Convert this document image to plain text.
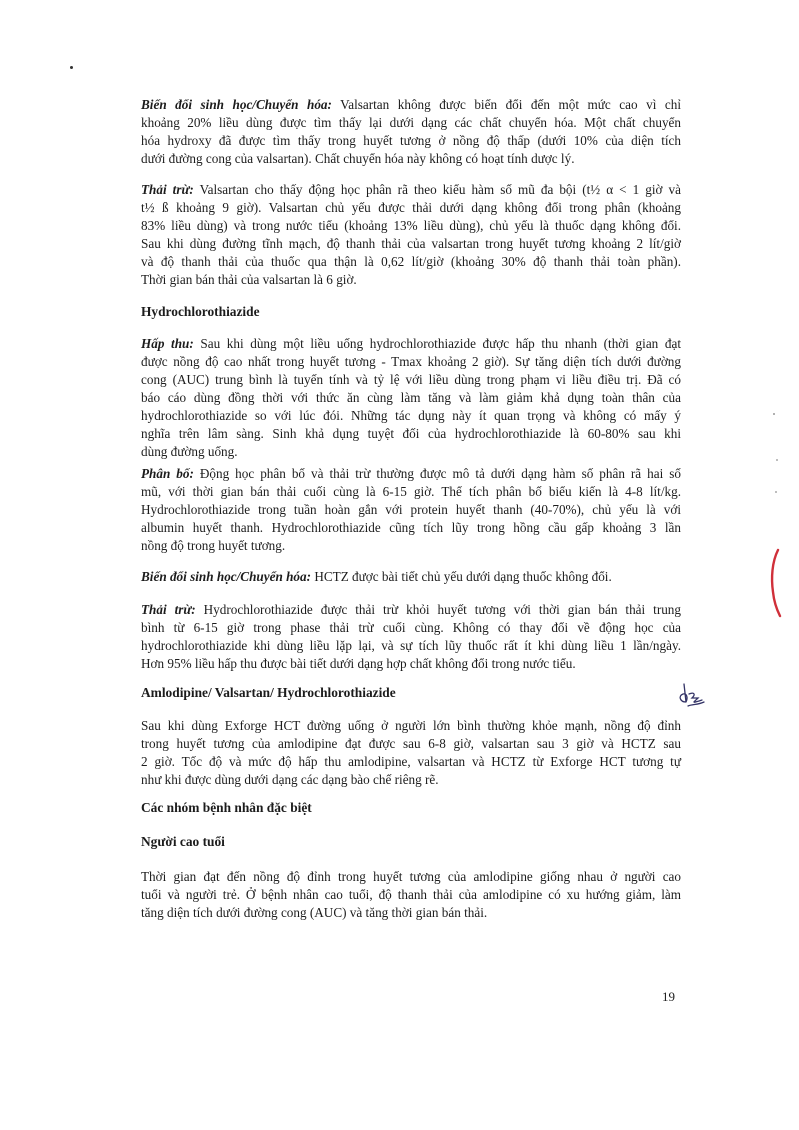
Biến đổi sinh học/Chuyển hóa: Valsartan không được biến đổi đến một mức cao vì chỉ
khoảng 20% liều dùng được tìm thấy lại dưới dạng các chất chuyển hóa. Một chất chuyển
hóa hydroxy đã được tìm thấy trong huyết tương ở nồng độ thấp (dưới 10% của diện tích
dưới đường cong của valsartan). Chất chuyển hóa này không có hoạt tính dược lý.
Thải trừ: Valsartan cho thấy động học phân rã theo kiểu hàm số mũ đa bội (t½ α < 1 giờ và
t½ ß khoảng 9 giờ). Valsartan chủ yếu được thải dưới dạng không đổi trong phân (khoảng
83% liều dùng) và trong nước tiểu (khoảng 13% liều dùng), chủ yếu là thuốc dạng không đổi.
Sau khi dùng đường tĩnh mạch, độ thanh thải của valsartan trong huyết tương khoảng 2 lít/giờ
và độ thanh thải của thuốc qua thận là 0,62 lít/giờ (khoảng 30% độ thanh thải toàn phần).
Thời gian bán thải của valsartan là 6 giờ.
Hydrochlorothiazide
Hấp thu: Sau khi dùng một liều uống hydrochlorothiazide được hấp thu nhanh (thời gian đạt
được nồng độ cao nhất trong huyết tương - Tmax khoảng 2 giờ). Sự tăng diện tích dưới đường
cong (AUC) trung bình là tuyến tính và tỷ lệ với liều dùng trong phạm vi liều điều trị. Đã có
báo cáo dùng đồng thời với thức ăn cùng làm tăng và làm giảm khả dụng toàn thân của
hydrochlorothiazide so với lúc đói. Những tác dụng này ít quan trọng và không có mấy ý
nghĩa trên lâm sàng. Sinh khả dụng tuyệt đối của hydrochlorothiazide là 60-80% sau khi
dùng đường uống.
Phân bố: Động học phân bố và thải trừ thường được mô tả dưới dạng hàm số phân rã hai số
mũ, với thời gian bán thải cuối cùng là 6-15 giờ. Thể tích phân bố biểu kiến là 4-8 lít/kg.
Hydrochlorothiazide trong tuần hoàn gắn với protein huyết thanh (40-70%), chủ yếu là với
albumin huyết thanh. Hydrochlorothiazide cũng tích lũy trong hồng cầu gấp khoảng 3 lần
nồng độ trong huyết tương.
Biến đổi sinh học/Chuyển hóa: HCTZ được bài tiết chủ yếu dưới dạng thuốc không đổi.
Thải trừ: Hydrochlorothiazide được thải trừ khỏi huyết tương với thời gian bán thải trung
bình từ 6-15 giờ trong phase thải trừ cuối cùng. Không có thay đổi về động học của
hydrochlorothiazide khi dùng liều lặp lại, và sự tích lũy thuốc rất ít khi dùng liều 1 lần/ngày.
Hơn 95% liều hấp thu được bài tiết dưới dạng hợp chất không đổi trong nước tiểu.
Amlodipine/ Valsartan/ Hydrochlorothiazide
Sau khi dùng Exforge HCT đường uống ở người lớn bình thường khỏe mạnh, nồng độ đỉnh
trong huyết tương của amlodipine đạt được sau 6-8 giờ, valsartan sau 3 giờ và HCTZ sau
2 giờ. Tốc độ và mức độ hấp thu amlodipine, valsartan và HCTZ từ Exforge HCT tương tự
như khi được dùng dưới dạng các dạng bào chế riêng rẽ.
Các nhóm bệnh nhân đặc biệt
Người cao tuổi
Thời gian đạt đến nồng độ đỉnh trong huyết tương của amlodipine giống nhau ở người cao
tuổi và người trẻ. Ở bệnh nhân cao tuổi, độ thanh thải của amlodipine có xu hướng giảm, làm
tăng diện tích dưới đường cong (AUC) và tăng thời gian bán thải.
19
